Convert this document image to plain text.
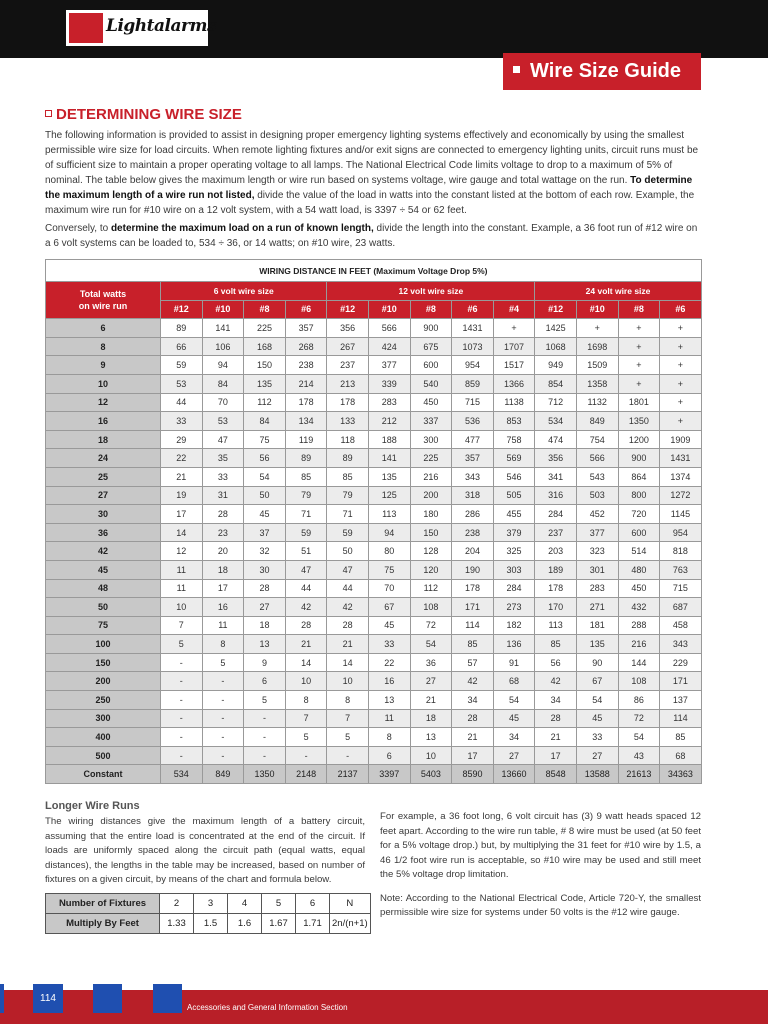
Lightalarms
Wire Size Guide
DETERMINING WIRE SIZE

The following information is provided to assist in designing proper emergency lighting systems effectively and economically by using the smallest permissible wire size for load circuits. When remote lighting fixtures and/or exit signs are connected to emergency lighting units, circuit runs must be of sufficient size to maintain a proper operating voltage to all lamps. The National Electrical Code limits voltage to drop to a maximum of 5% of nominal. The table below gives the maximum length or wire run based on systems voltage, wire gauge and total wattage on the run. To determine the maximum length of a wire run not listed, divide the value of the load in watts into the constant listed at the bottom of each row. Example, the maximum wire run for #10 wire on a 12 volt system, with a 54 watt load, is 3397 ÷ 54 or 62 feet.

Conversely, to determine the maximum load on a run of known length, divide the length into the constant. Example, a 36 foot run of #12 wire on a 6 volt systems can be loaded to, 534 ÷ 36, or 14 watts; on #10 wire, 23 watts.

WIRING DISTANCE IN FEET (Maximum Voltage Drop 5%)													
Total watts
on wire run	6 volt wire size				12 volt wire size					24 volt wire size			
	#12	#10	#8	#6	#12	#10	#8	#6	#4	#12	#10	#8	#6
6	89	141	225	357	356	566	900	1431	+	1425	+	+	+
8	66	106	168	268	267	424	675	1073	1707	1068	1698	+	+
9	59	94	150	238	237	377	600	954	1517	949	1509	+	+
10	53	84	135	214	213	339	540	859	1366	854	1358	+	+
12	44	70	112	178	178	283	450	715	1138	712	1132	1801	+
16	33	53	84	134	133	212	337	536	853	534	849	1350	+
18	29	47	75	119	118	188	300	477	758	474	754	1200	1909
24	22	35	56	89	89	141	225	357	569	356	566	900	1431
25	21	33	54	85	85	135	216	343	546	341	543	864	1374
27	19	31	50	79	79	125	200	318	505	316	503	800	1272
30	17	28	45	71	71	113	180	286	455	284	452	720	1145
36	14	23	37	59	59	94	150	238	379	237	377	600	954
42	12	20	32	51	50	80	128	204	325	203	323	514	818
45	11	18	30	47	47	75	120	190	303	189	301	480	763
48	11	17	28	44	44	70	112	178	284	178	283	450	715
50	10	16	27	42	42	67	108	171	273	170	271	432	687
75	7	11	18	28	28	45	72	114	182	113	181	288	458
100	5	8	13	21	21	33	54	85	136	85	135	216	343
150	-	5	9	14	14	22	36	57	91	56	90	144	229
200	-	-	6	10	10	16	27	42	68	42	67	108	171
250	-	-	5	8	8	13	21	34	54	34	54	86	137
300	-	-	-	7	7	11	18	28	45	28	45	72	114
400	-	-	-	5	5	8	13	21	34	21	33	54	85
500	-	-	-	-	-	6	10	17	27	17	27	43	68
Constant	534	849	1350	2148	2137	3397	5403	8590	13660	8548	13588	21613	34363
Longer Wire Runs
The wiring distances give the maximum length of a battery circuit, assuming that the entire load is concentrated at the end of the circuit. If loads are uniformly spaced along the circuit path (equal watts, equal distances), the lengths in the table may be increased, based on number of fixtures on a given circuit, by means of the chart and formula below.
Number of Fixtures	2	3	4	5	6	N
Multiply By Feet	1.33	1.5	1.6	1.67	1.71	2n/(n+1)

For example, a 36 foot long, 6 volt circuit has (3) 9 watt heads spaced 12 feet apart. According to the wire run table, # 8 wire must be used (at 50 feet for a 5% voltage drop.) but, by multiplying the 31 feet for #10 wire by 1.5, a 46 1/2 foot wire run is acceptable, so #10 wire may be used and still meet the 5% voltage drop limitation.

Note: According to the National Electrical Code, Article 720-Y, the smallest permissible wire size for systems under 50 volts is the #12 wire gauge.

114
Accessories and General Information Section
